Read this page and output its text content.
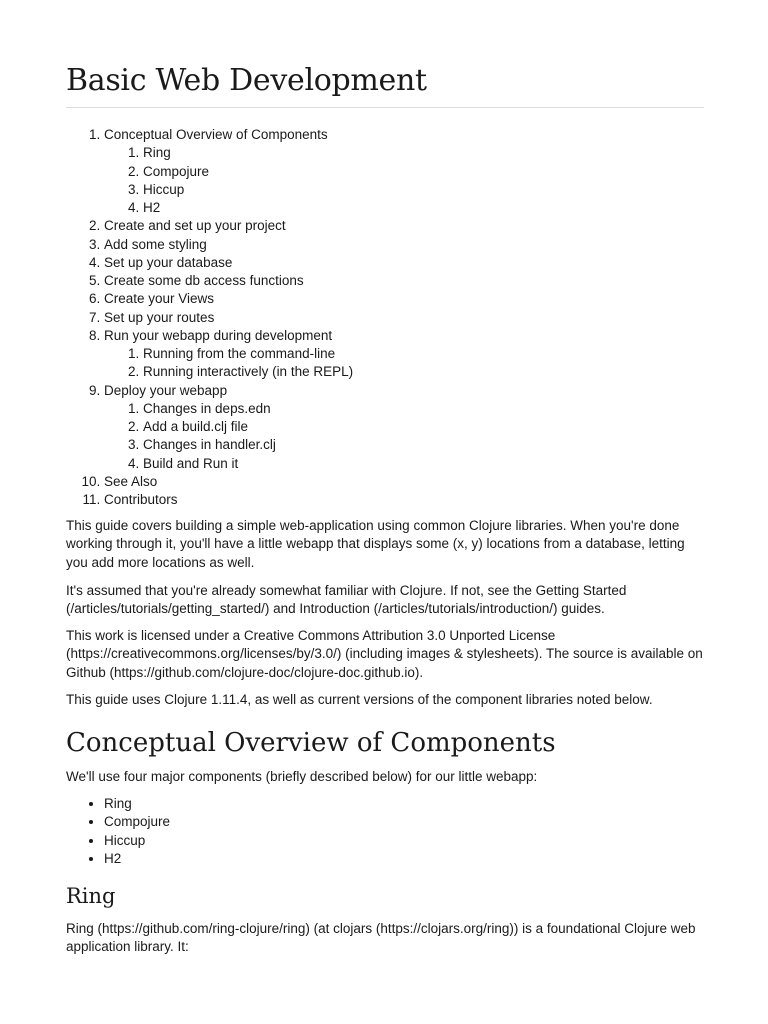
Basic Web Development
1. Conceptual Overview of Components
1. Ring
2. Compojure
3. Hiccup
4. H2
2. Create and set up your project
3. Add some styling
4. Set up your database
5. Create some db access functions
6. Create your Views
7. Set up your routes
8. Run your webapp during development
1. Running from the command-line
2. Running interactively (in the REPL)
9. Deploy your webapp
1. Changes in deps.edn
2. Add a build.clj file
3. Changes in handler.clj
4. Build and Run it
10. See Also
11. Contributors

This guide covers building a simple web-application using common Clojure libraries. When you're done working through it, you'll have a little webapp that displays some (x, y) locations from a database, letting you add more locations as well.

It's assumed that you're already somewhat familiar with Clojure. If not, see the Getting Started (/articles/tutorials/getting_started/) and Introduction (/articles/tutorials/introduction/) guides.

This work is licensed under a Creative Commons Attribution 3.0 Unported License (https://creativecommons.org/licenses/by/3.0/) (including images & stylesheets). The source is available on Github (https://github.com/clojure-doc/clojure-doc.github.io).

This guide uses Clojure 1.11.4, as well as current versions of the component libraries noted below.

Conceptual Overview of Components

We'll use four major components (briefly described below) for our little webapp:

• Ring
• Compojure
• Hiccup
• H2
Ring

Ring (https://github.com/ring-clojure/ring) (at clojars (https://clojars.org/ring)) is a foundational Clojure web application library. It:
